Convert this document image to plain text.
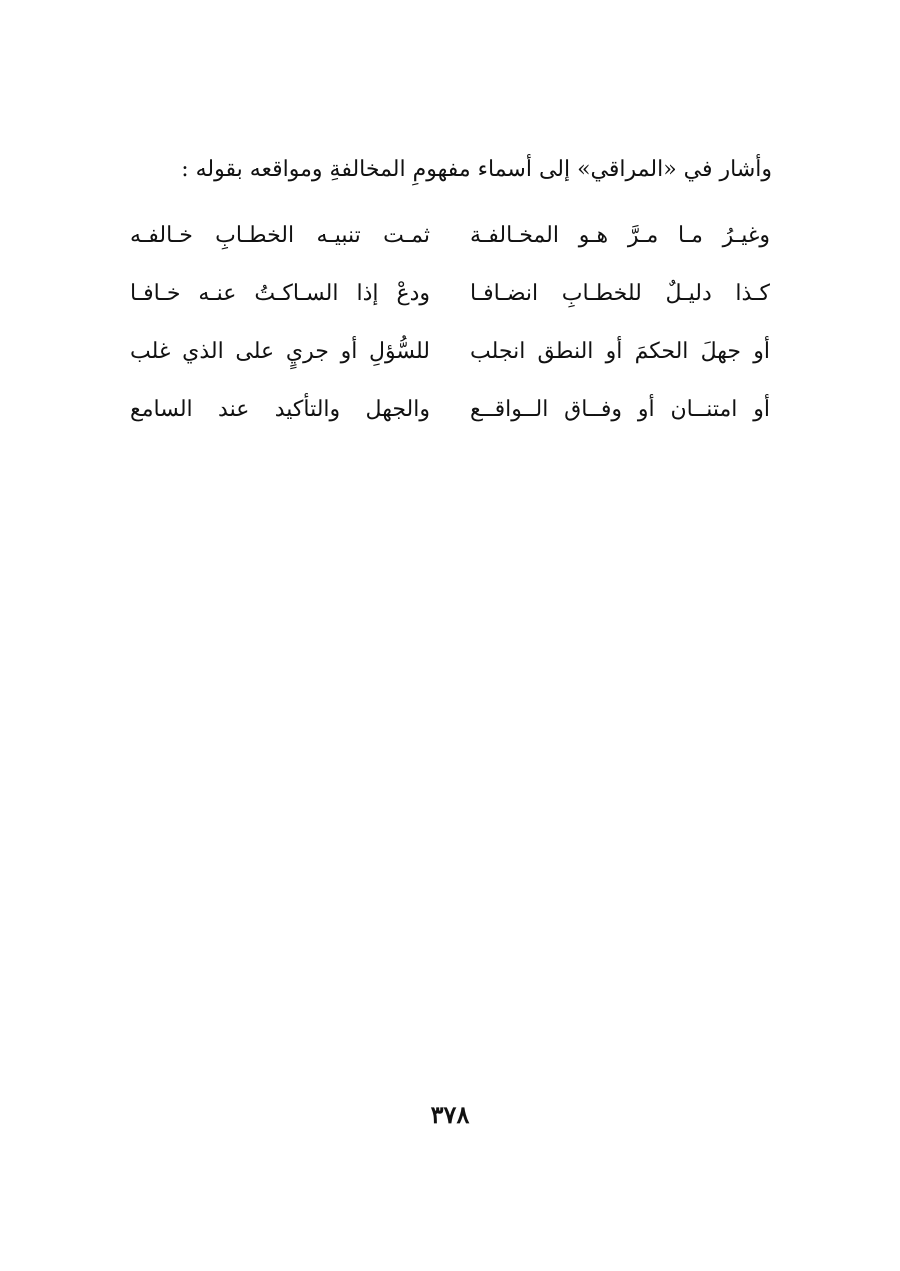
وأشار في «المراقي» إلى أسماء مفهومِ المخالفةِ ومواقعه بقوله :

وغيـرُ مـا مـرَّ هـو المخـالفـة
ثمـت تنبيـه الخطـابِ خـالفـه
كـذا دليـلٌ للخطـابِ انضـافـا
ودعْ إذا السـاكـتُ عنـه خـافـا
أو جهلَ الحكمَ أو النطق انجلب
للسُّؤلِ أو جريٍ على الذي غلب
أو امتنــان أو وفــاق الــواقــع
والجهل والتأكيد عند السامع
٣٧٨
